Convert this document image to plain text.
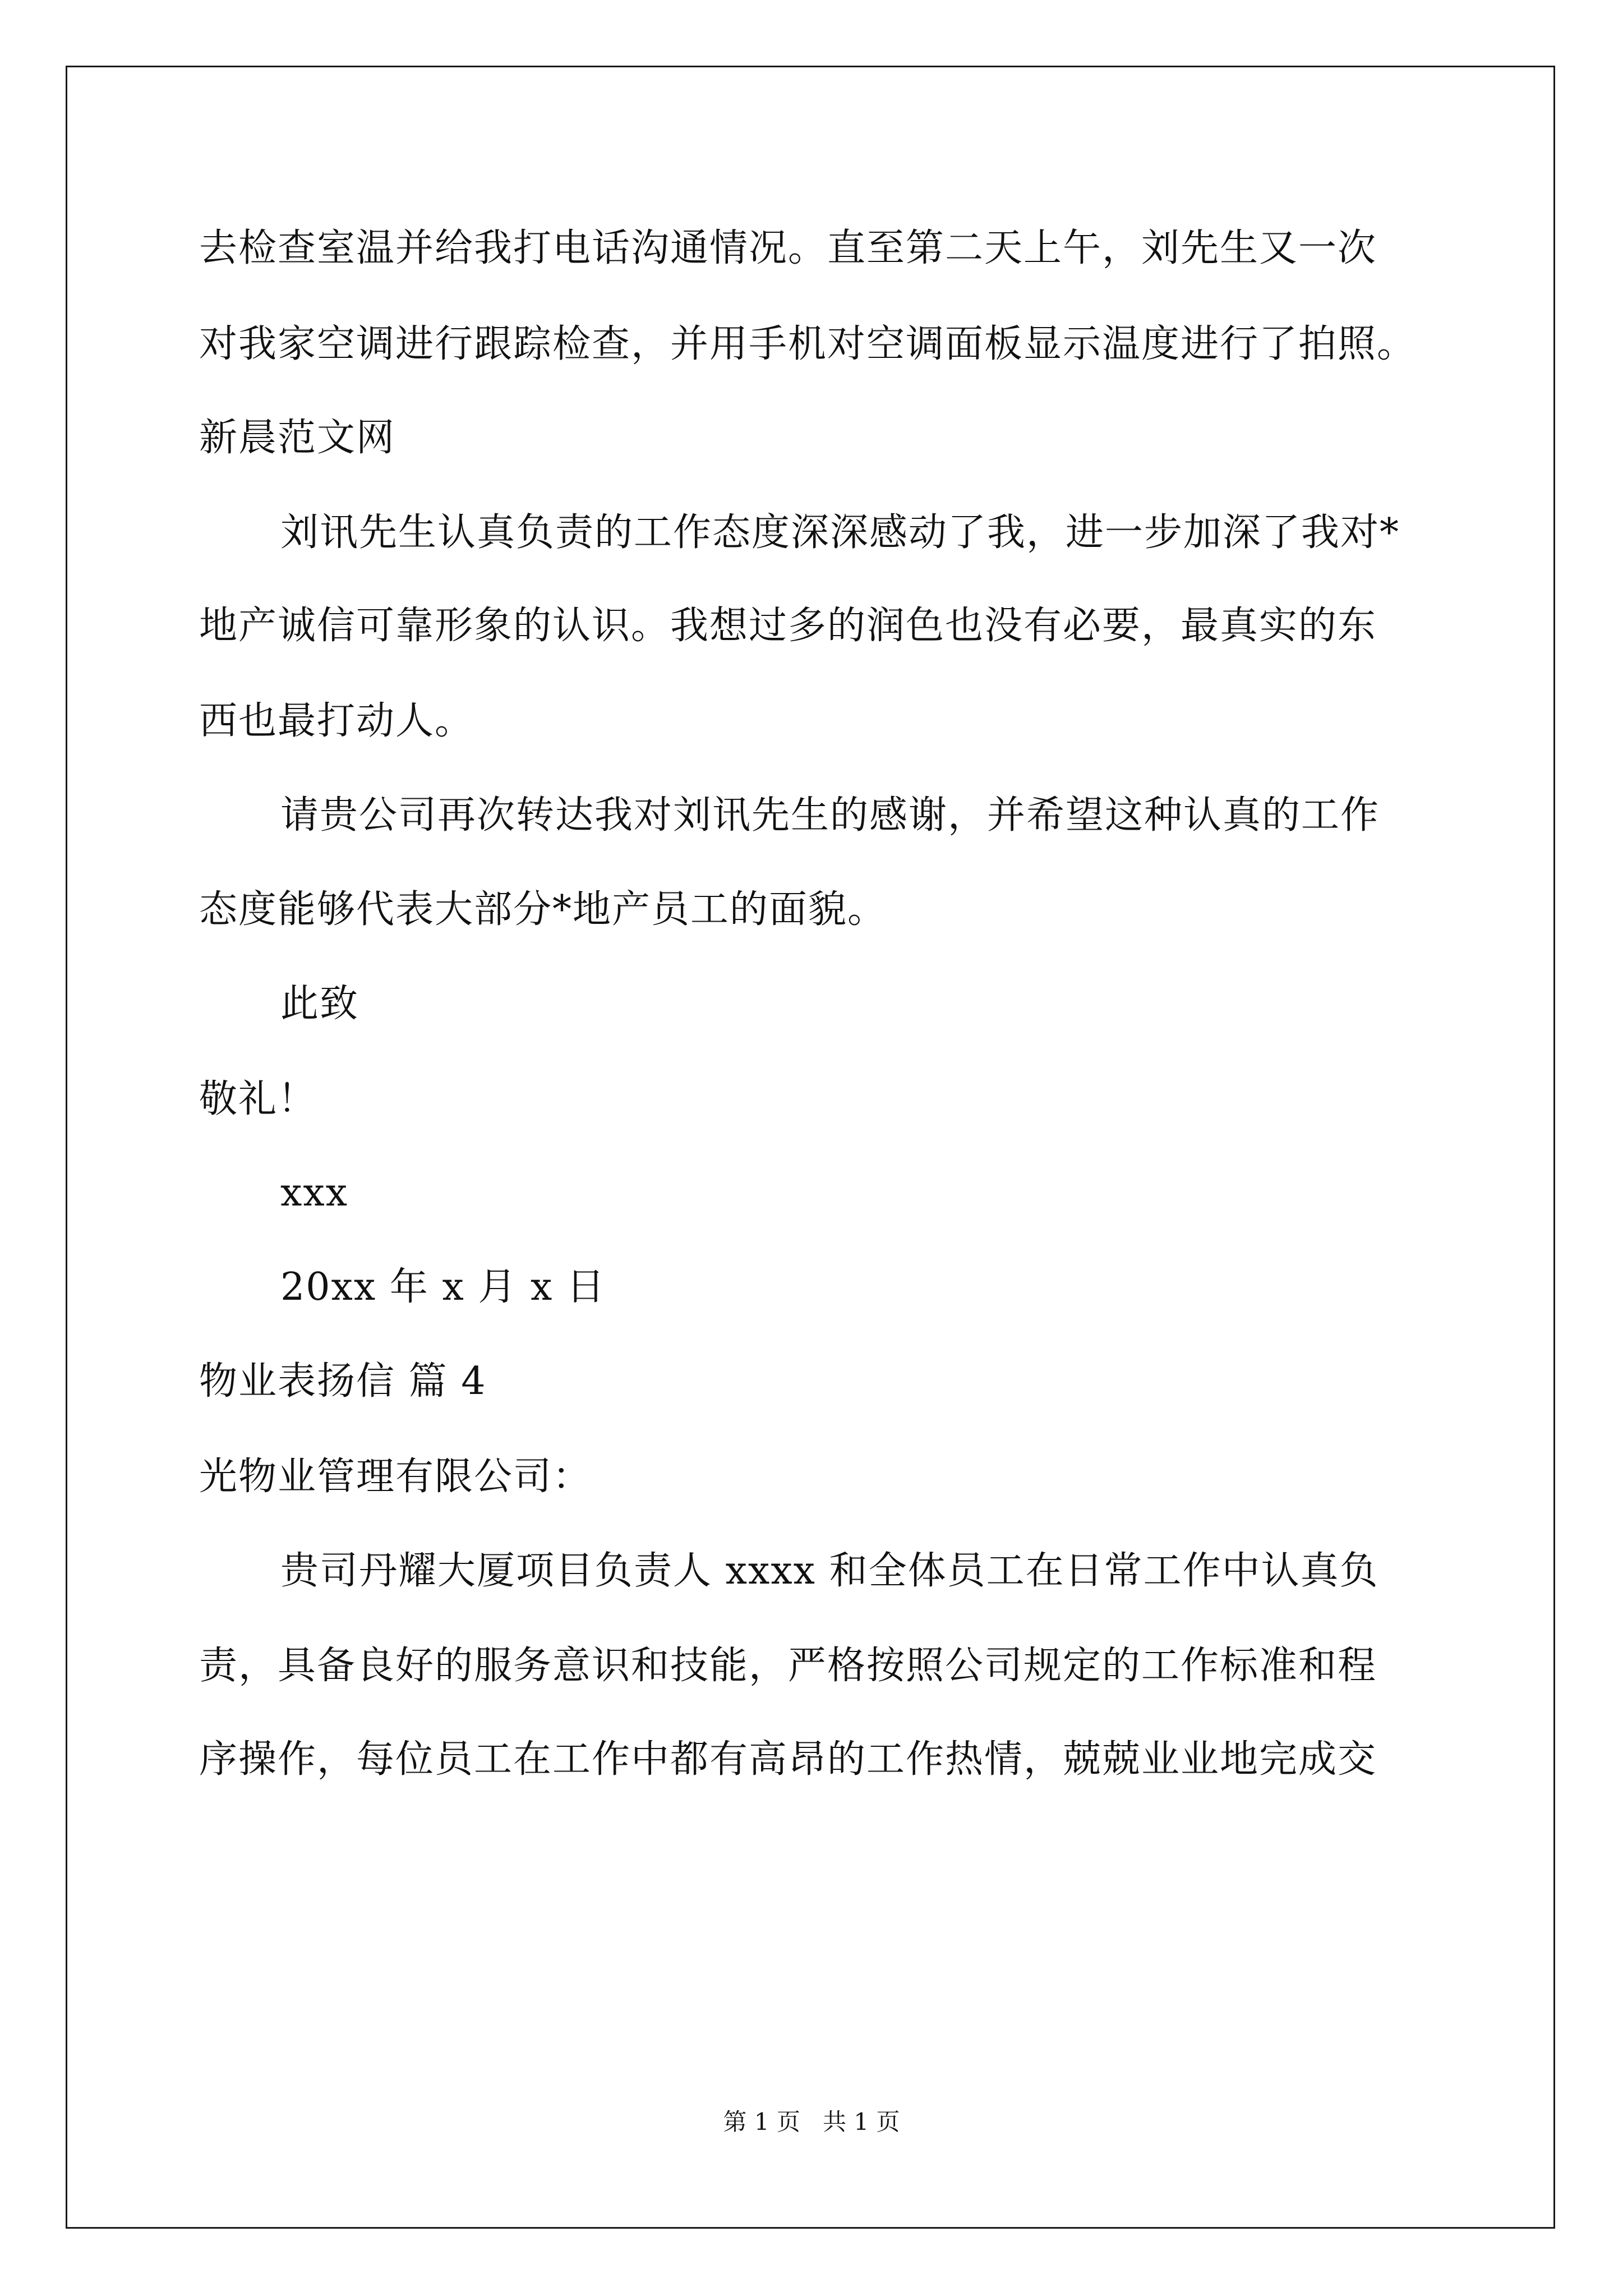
去检查室温并给我打电话沟通情况。直至第二天上午，刘先生又一次
对我家空调进行跟踪检查，并用手机对空调面板显示温度进行了拍照。
新晨范文网
刘讯先生认真负责的工作态度深深感动了我，进一步加深了我对*
地产诚信可靠形象的认识。我想过多的润色也没有必要，最真实的东
西也最打动人。
请贵公司再次转达我对刘讯先生的感谢，并希望这种认真的工作
态度能够代表大部分*地产员工的面貌。
此致
敬礼！
xxx
20xx 年 x 月 x 日
物业表扬信 篇 4
光物业管理有限公司：
贵司丹耀大厦项目负责人 xxxx 和全体员工在日常工作中认真负
责，具备良好的服务意识和技能，严格按照公司规定的工作标准和程
序操作，每位员工在工作中都有高昂的工作热情，兢兢业业地完成交
第 1 页   共 1 页
